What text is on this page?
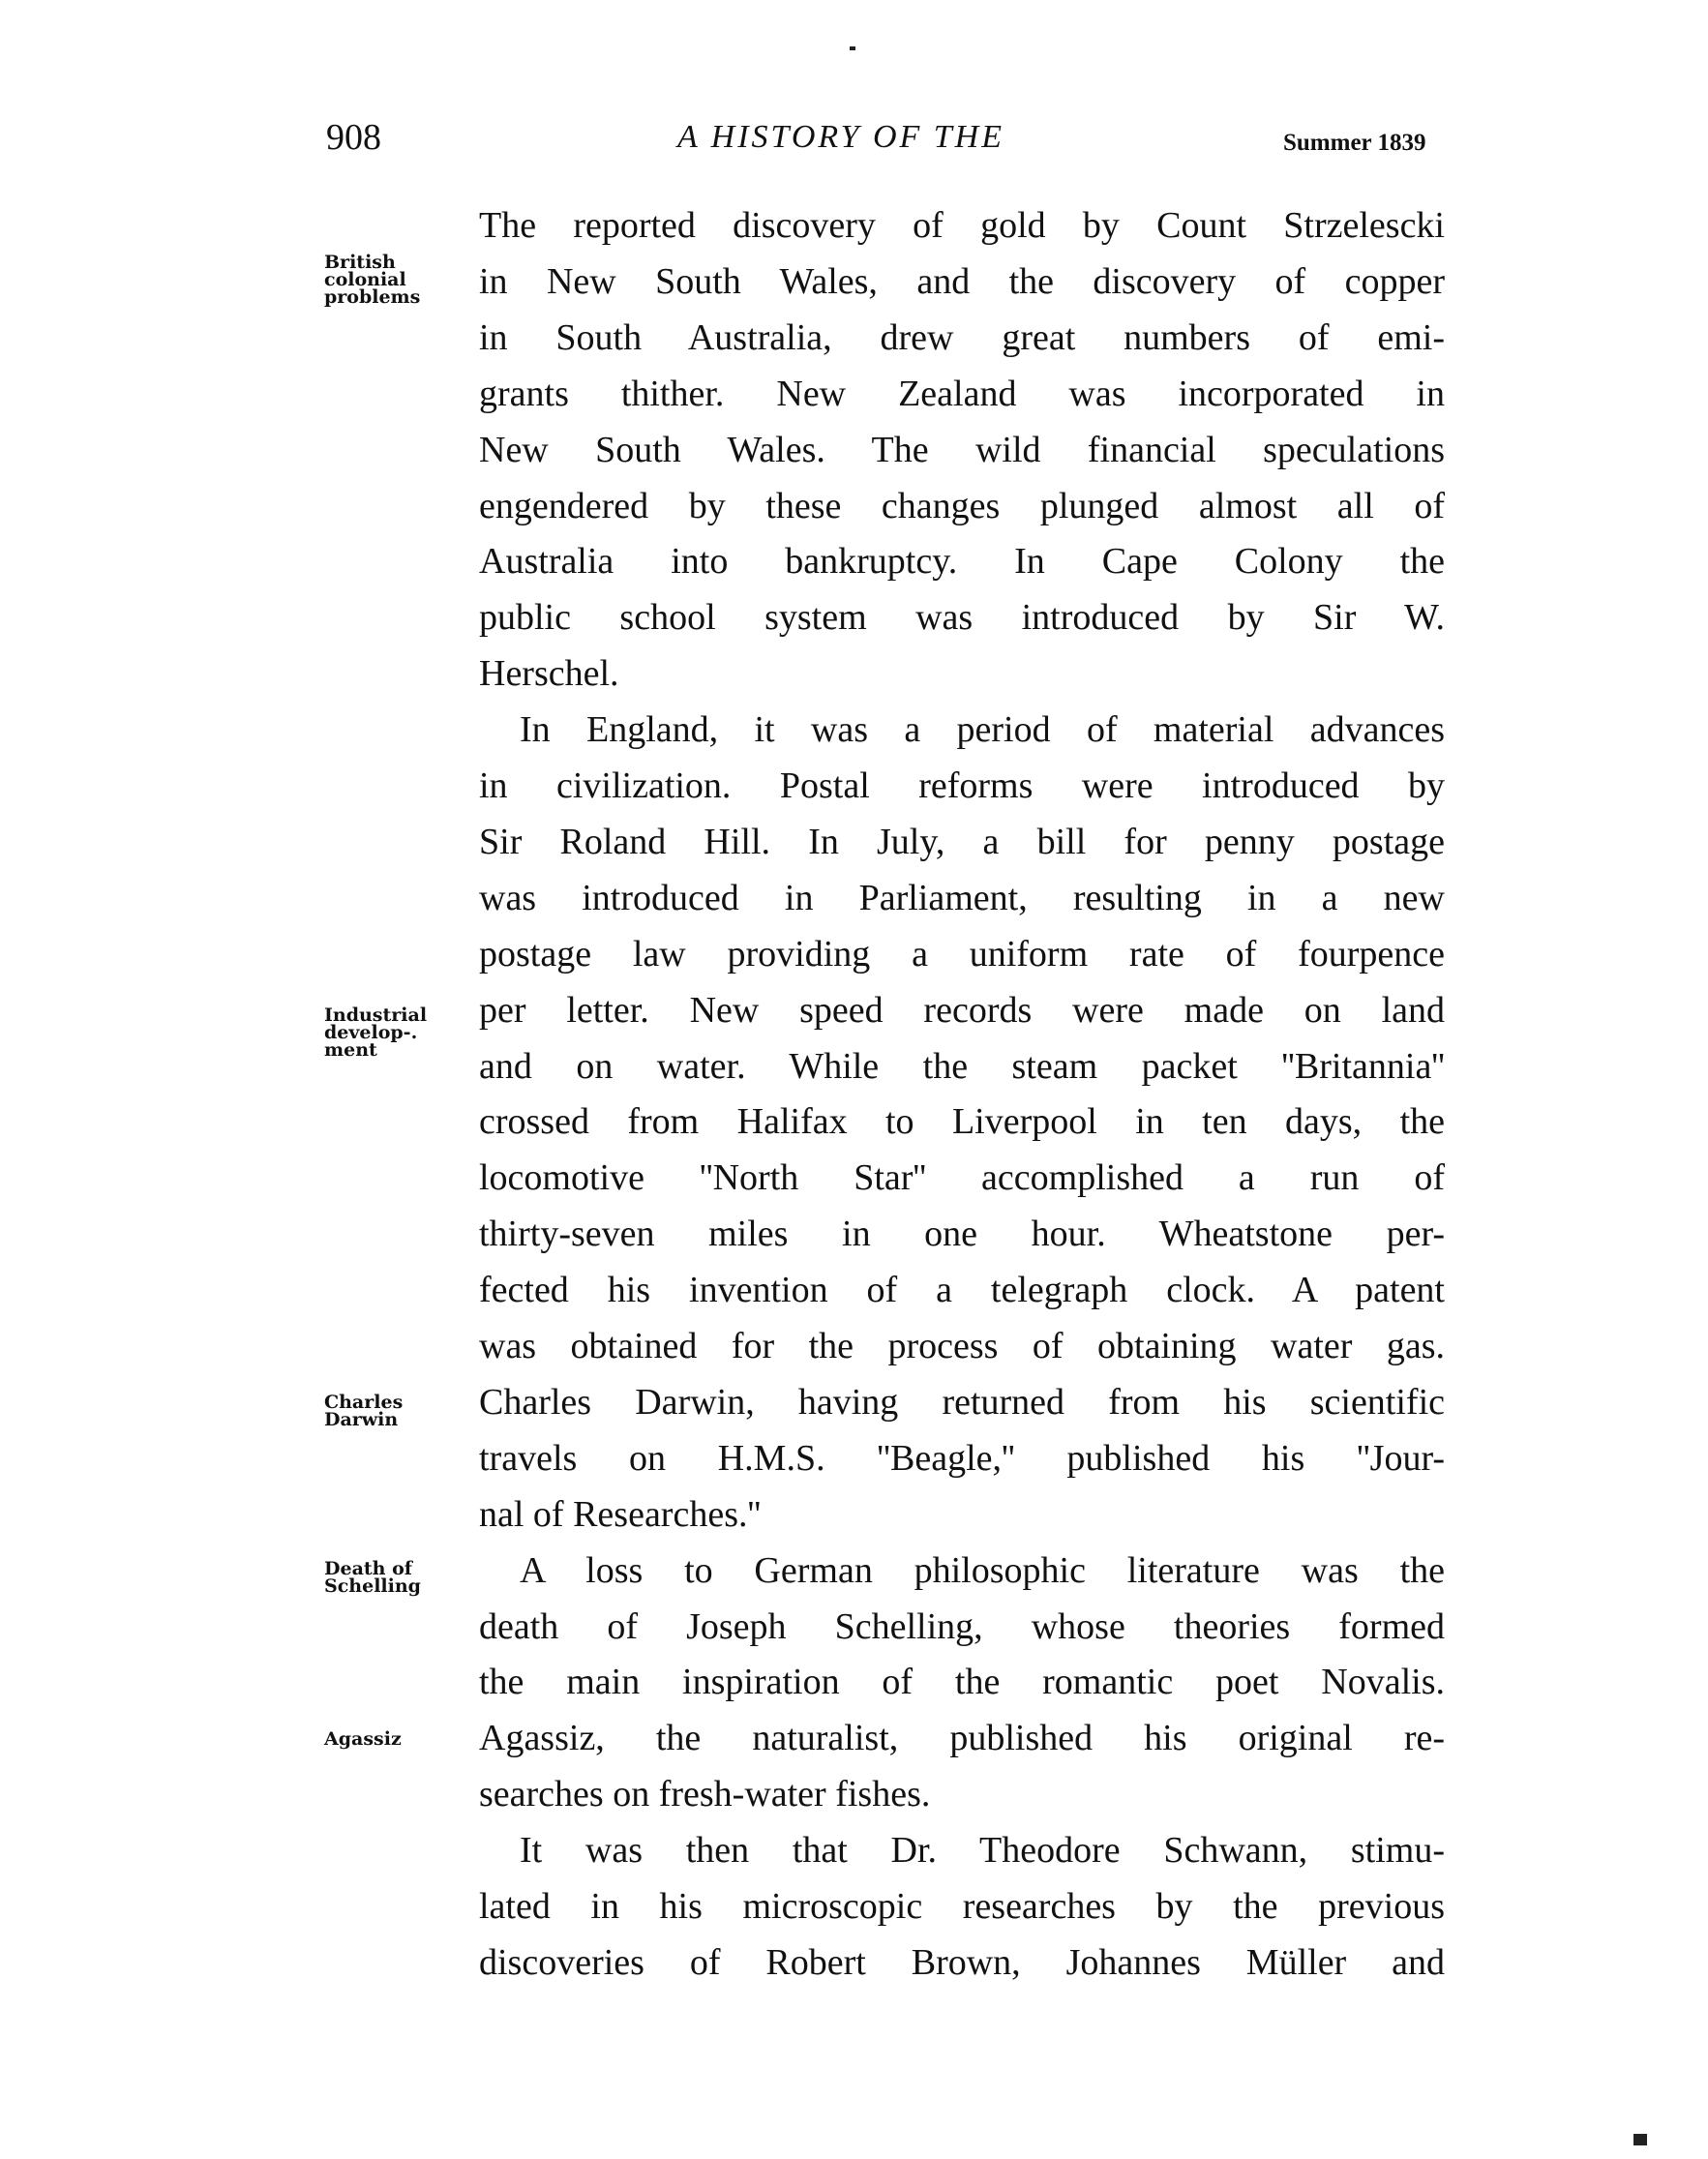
908	A HISTORY OF THE	Summer 1839
British
colonial
problems
Industrial
develop-.
ment
Charles
Darwin
Death of
Schelling
Agassiz
The reported discovery of gold by Count Strzelescki
in New South Wales, and the discovery of copper
in South Australia, drew great numbers of emi-
grants thither. New Zealand was incorporated in
New South Wales. The wild financial speculations
engendered by these changes plunged almost all of
Australia into bankruptcy. In Cape Colony the
public school system was introduced by Sir W.
Herschel.
In England, it was a period of material advances
in civilization. Postal reforms were introduced by
Sir Roland Hill. In July, a bill for penny postage
was introduced in Parliament, resulting in a new
postage law providing a uniform rate of fourpence
per letter. New speed records were made on land
and on water. While the steam packet ''Britannia''
crossed from Halifax to Liverpool in ten days, the
locomotive ''North Star'' accomplished a run of
thirty-seven miles in one hour. Wheatstone per-
fected his invention of a telegraph clock. A patent
was obtained for the process of obtaining water gas.
Charles Darwin, having returned from his scientific
travels on H.M.S. ''Beagle,'' published his ''Jour-
nal of Researches.''
A loss to German philosophic literature was the
death of Joseph Schelling, whose theories formed
the main inspiration of the romantic poet Novalis.
Agassiz, the naturalist, published his original re-
searches on fresh-water fishes.
It was then that Dr. Theodore Schwann, stimu-
lated in his microscopic researches by the previous
discoveries of Robert Brown, Johannes Müller and
